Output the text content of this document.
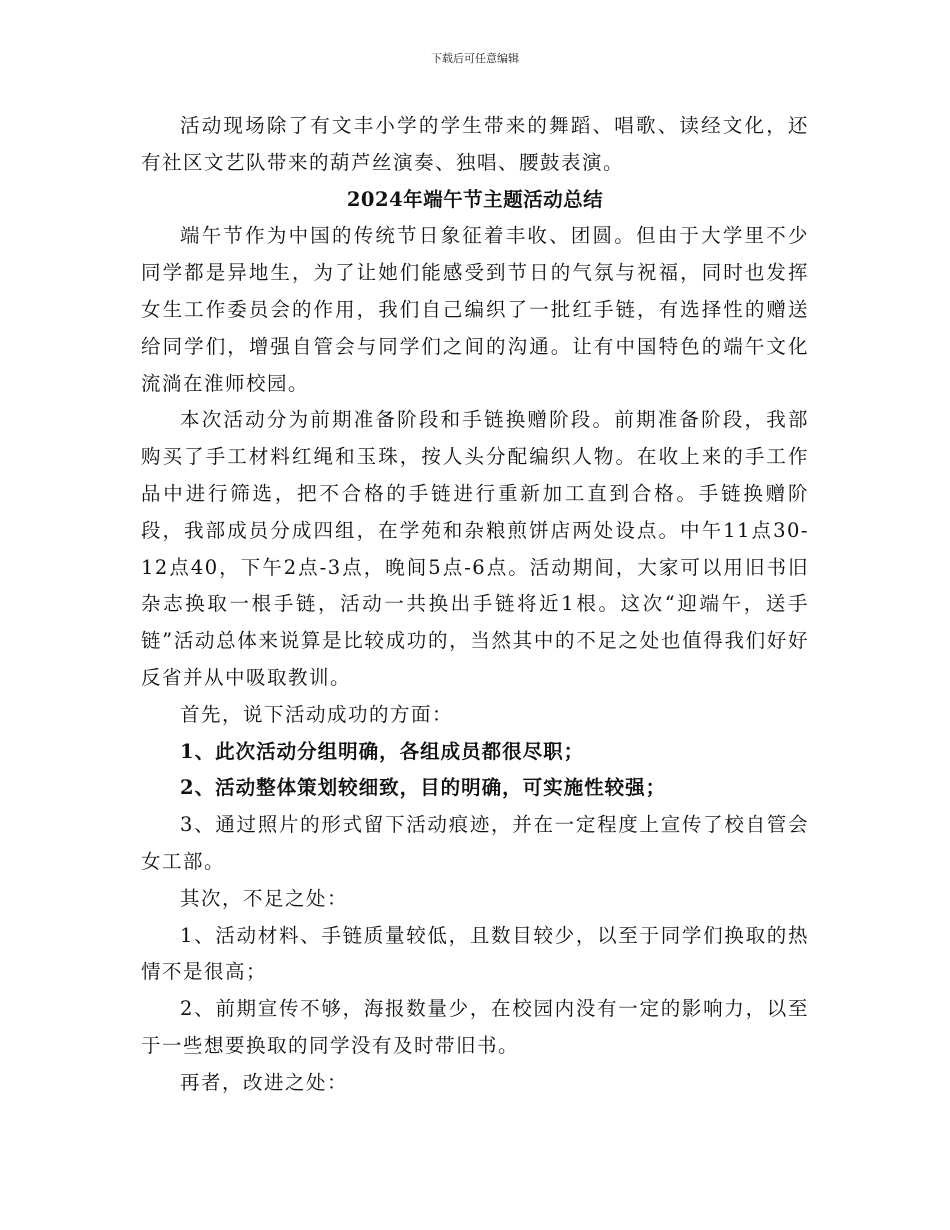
下载后可任意编辑

活动现场除了有文丰小学的学生带来的舞蹈、唱歌、读经文化，还有社区文艺队带来的葫芦丝演奏、独唱、腰鼓表演。

2024年端午节主题活动总结

端午节作为中国的传统节日象征着丰收、团圆。但由于大学里不少同学都是异地生，为了让她们能感受到节日的气氛与祝福，同时也发挥女生工作委员会的作用，我们自己编织了一批红手链，有选择性的赠送给同学们，增强自管会与同学们之间的沟通。让有中国特色的端午文化流淌在淮师校园。

本次活动分为前期准备阶段和手链换赠阶段。前期准备阶段，我部购买了手工材料红绳和玉珠，按人头分配编织人物。在收上来的手工作品中进行筛选，把不合格的手链进行重新加工直到合格。手链换赠阶段，我部成员分成四组，在学苑和杂粮煎饼店两处设点。中午11点30-12点40，下午2点-3点，晚间5点-6点。活动期间，大家可以用旧书旧杂志换取一根手链，活动一共换出手链将近1根。这次“迎端午，送手链”活动总体来说算是比较成功的，当然其中的不足之处也值得我们好好反省并从中吸取教训。

首先，说下活动成功的方面：

1、此次活动分组明确，各组成员都很尽职；

2、活动整体策划较细致，目的明确，可实施性较强；

3、通过照片的形式留下活动痕迹，并在一定程度上宣传了校自管会女工部。

其次，不足之处：

1、活动材料、手链质量较低，且数目较少，以至于同学们换取的热情不是很高；

2、前期宣传不够，海报数量少，在校园内没有一定的影响力，以至于一些想要换取的同学没有及时带旧书。

再者，改进之处：
